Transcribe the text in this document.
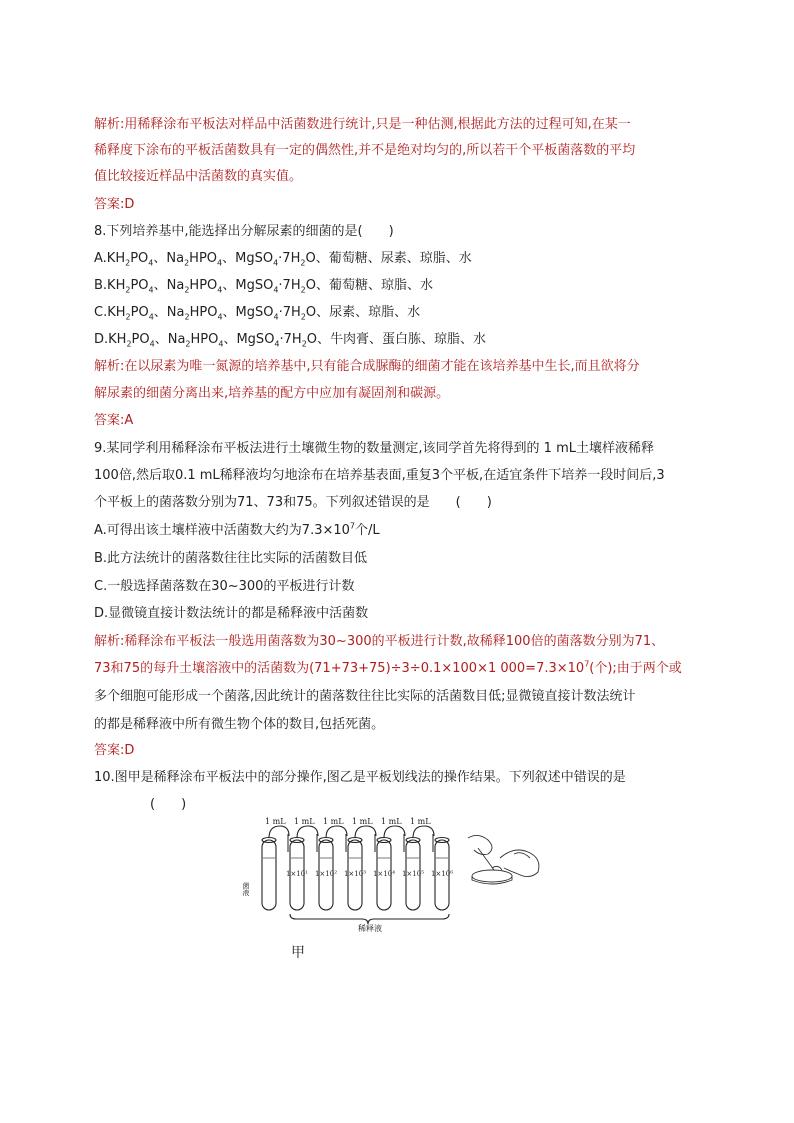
解析:用稀释涂布平板法对样品中活菌数进行统计,只是一种估测,根据此方法的过程可知,在某一
稀释度下涂布的平板活菌数具有一定的偶然性,并不是绝对均匀的,所以若干个平板菌落数的平均
值比较接近样品中活菌数的真实值。
答案:D
8.下列培养基中,能选择出分解尿素的细菌的是(　　)
$A.KH_2PO_4$、$Na_2HPO_4$、$MgSO_4\cdot 7H_2O$、葡萄糖、尿素、琼脂、水
$B.KH_2PO_4$、$Na_2HPO_4$、$MgSO_4\cdot 7H_2O$、葡萄糖、琼脂、水
$C.KH_2PO_4$、$Na_2HPO_4$、$MgSO_4\cdot 7H_2O$、尿素、琼脂、水
$D.KH_2PO_4$、$Na_2HPO_4$、$MgSO_4\cdot 7H_2O$、牛肉膏、蛋白胨、琼脂、水
解析:在以尿素为唯一氮源的培养基中,只有能合成脲酶的细菌才能在该培养基中生长,而且欲将分
解尿素的细菌分离出来,培养基的配方中应加有凝固剂和碳源。
答案:A
9.某同学利用稀释涂布平板法进行土壤微生物的数量测定,该同学首先将得到的 1 mL土壤样液稀释
100倍,然后取0.1 mL稀释液均匀地涂布在培养基表面,重复3个平板,在适宜条件下培养一段时间后,3
个平板上的菌落数分别为71、73和75。下列叙述错误的是　　(　　)
A.可得出该土壤样液中活菌数大约为$7.3\times 10^7$个/L
B.此方法统计的菌落数往往比实际的活菌数目低
C.一般选择菌落数在30~300的平板进行计数
D.显微镜直接计数法统计的都是稀释液中活菌数
解析:稀释涂布平板法一般选用菌落数为30~300的平板进行计数,故稀释100倍的菌落数分别为71、
73和75的每升土壤溶液中的活菌数为(71+73+75)÷3÷0.1×100×1 $000=7.3\times 10^7$(个);由于两个或
多个细胞可能形成一个菌落,因此统计的菌落数往往比实际的活菌数目低;显微镜直接计数法统计
的都是稀释液中所有微生物个体的数目,包括死菌。
答案:D
10.图甲是稀释涂布平板法中的部分操作,图乙是平板划线法的操作结果。下列叙述中错误的是
(　　)
1 mL 1 mL 1 mL 1 mL 1 mL 1 mL
菌液
1×10¹ 1×10² 1×10³ 1×10⁴ 1×10⁵ 1×10⁶
稀释液
甲
